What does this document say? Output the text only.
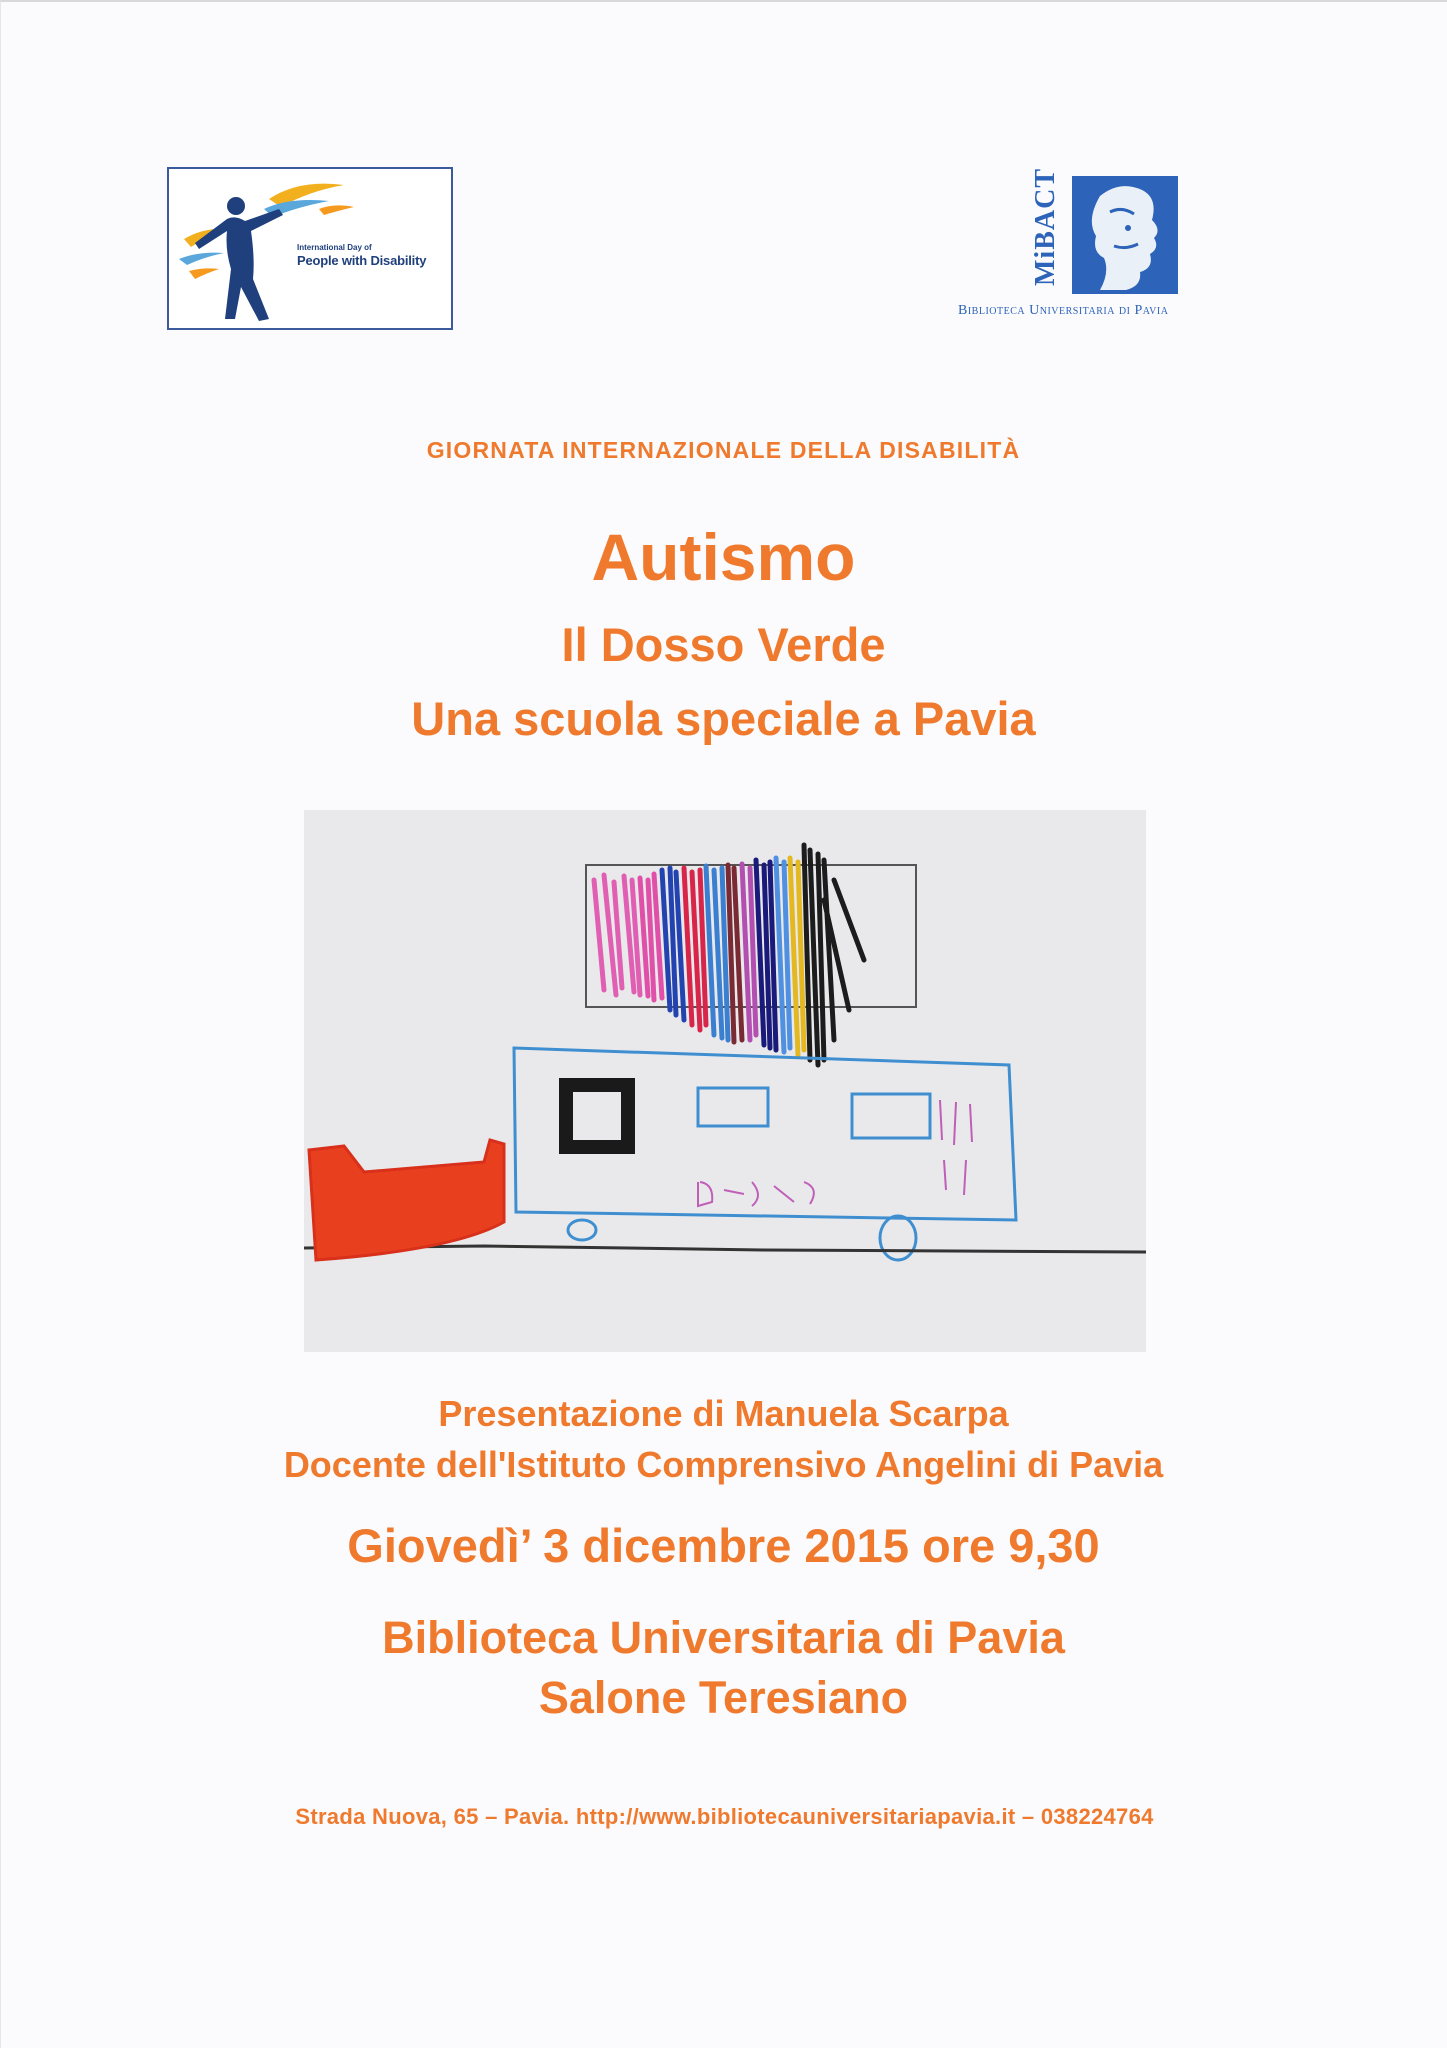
International Day of
People with Disability	MiBACT
Biblioteca Universitaria di Pavia
GIORNATA INTERNAZIONALE DELLA DISABILITÀ
Autismo
Il Dosso Verde
Una scuola speciale a Pavia
Presentazione di Manuela Scarpa
Docente dell'Istituto Comprensivo Angelini di Pavia
Giovedì’ 3 dicembre 2015 ore 9,30
Biblioteca Universitaria di Pavia
Salone Teresiano
Strada Nuova, 65 – Pavia. http://www.bibliotecauniversitariapavia.it – 038224764
